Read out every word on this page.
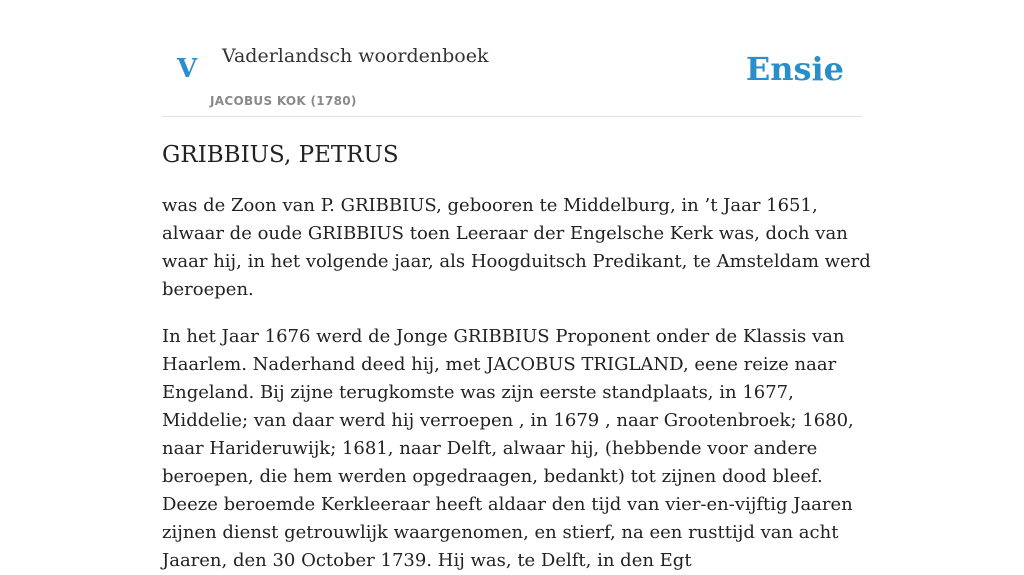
V Vaderlandsch woordenboek
JACOBUS KOK (1780)
Ensie
GRIBBIUS, PETRUS

was de Zoon van P. GRIBBIUS, gebooren te Middelburg, in ’t Jaar 1651, alwaar de oude GRIBBIUS toen Leeraar der Engelsche Kerk was, doch van waar hij, in het volgende jaar, als Hoogduitsch Predikant, te Amsteldam werd beroepen.

In het Jaar 1676 werd de Jonge GRIBBIUS Proponent onder de Klassis van Haarlem. Naderhand deed hij, met JACOBUS TRIGLAND, eene reize naar Engeland. Bij zijne terugkomste was zijn eerste standplaats, in 1677, Middelie; van daar werd hij verroepen , in 1679 , naar Grootenbroek; 1680, naar Harideruwijk; 1681, naar Delft, alwaar hij, (hebbende voor andere beroepen, die hem werden opgedraagen, bedankt) tot zijnen dood bleef. Deeze beroemde Kerkleeraar heeft aldaar den tijd van vier-en-vijftig Jaaren zijnen dienst getrouwlijk waargenomen, en stierf, na een rusttijd van acht Jaaren, den 30 October 1739. Hij was, te Delft, in den Egt
